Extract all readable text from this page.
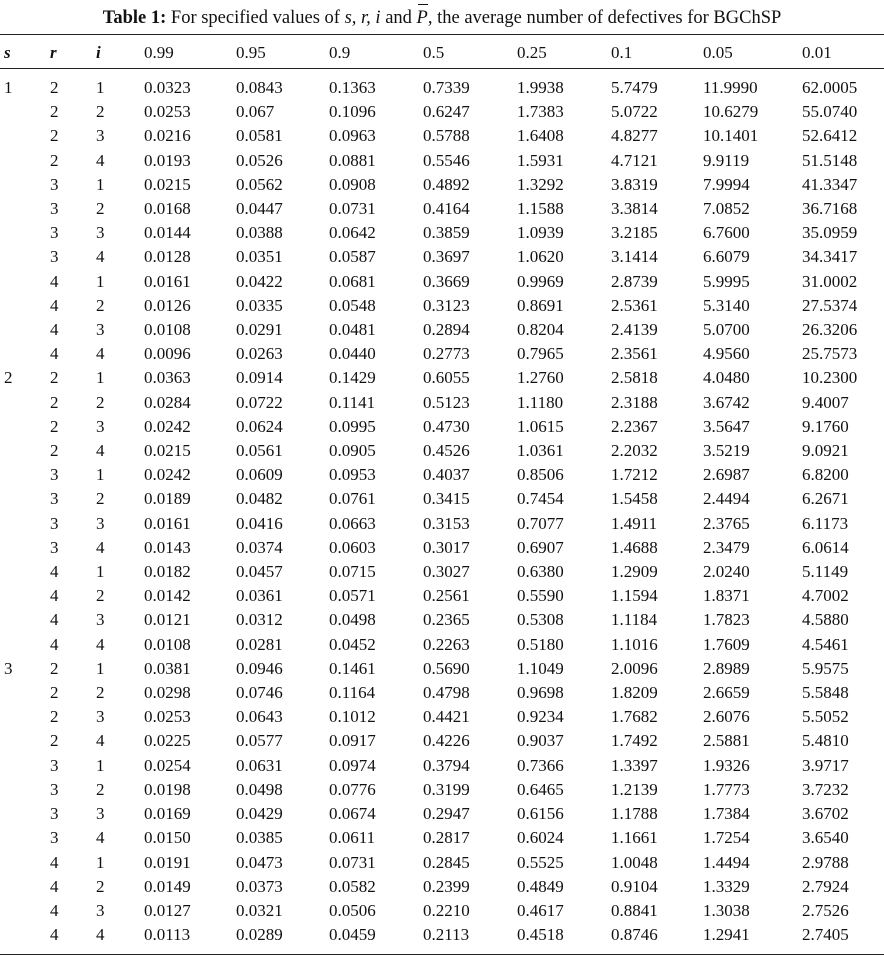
Table 1: For specified values of s, r, i and P, the average number of defectives for BGChSP
	s	r	i	0.99	0.95	0.9	0.5	0.25	0.1	0.05	0.01
	1	2	1	0.0323	0.0843	0.1363	0.7339	1.9938	5.7479	11.9990	62.0005
		2	2	0.0253	0.067	0.1096	0.6247	1.7383	5.0722	10.6279	55.0740
		2	3	0.0216	0.0581	0.0963	0.5788	1.6408	4.8277	10.1401	52.6412
		2	4	0.0193	0.0526	0.0881	0.5546	1.5931	4.7121	9.9119	51.5148
		3	1	0.0215	0.0562	0.0908	0.4892	1.3292	3.8319	7.9994	41.3347
		3	2	0.0168	0.0447	0.0731	0.4164	1.1588	3.3814	7.0852	36.7168
		3	3	0.0144	0.0388	0.0642	0.3859	1.0939	3.2185	6.7600	35.0959
		3	4	0.0128	0.0351	0.0587	0.3697	1.0620	3.1414	6.6079	34.3417
		4	1	0.0161	0.0422	0.0681	0.3669	0.9969	2.8739	5.9995	31.0002
		4	2	0.0126	0.0335	0.0548	0.3123	0.8691	2.5361	5.3140	27.5374
		4	3	0.0108	0.0291	0.0481	0.2894	0.8204	2.4139	5.0700	26.3206
		4	4	0.0096	0.0263	0.0440	0.2773	0.7965	2.3561	4.9560	25.7573
	2	2	1	0.0363	0.0914	0.1429	0.6055	1.2760	2.5818	4.0480	10.2300
		2	2	0.0284	0.0722	0.1141	0.5123	1.1180	2.3188	3.6742	9.4007
		2	3	0.0242	0.0624	0.0995	0.4730	1.0615	2.2367	3.5647	9.1760
		2	4	0.0215	0.0561	0.0905	0.4526	1.0361	2.2032	3.5219	9.0921
		3	1	0.0242	0.0609	0.0953	0.4037	0.8506	1.7212	2.6987	6.8200
		3	2	0.0189	0.0482	0.0761	0.3415	0.7454	1.5458	2.4494	6.2671
		3	3	0.0161	0.0416	0.0663	0.3153	0.7077	1.4911	2.3765	6.1173
		3	4	0.0143	0.0374	0.0603	0.3017	0.6907	1.4688	2.3479	6.0614
		4	1	0.0182	0.0457	0.0715	0.3027	0.6380	1.2909	2.0240	5.1149
		4	2	0.0142	0.0361	0.0571	0.2561	0.5590	1.1594	1.8371	4.7002
		4	3	0.0121	0.0312	0.0498	0.2365	0.5308	1.1184	1.7823	4.5880
		4	4	0.0108	0.0281	0.0452	0.2263	0.5180	1.1016	1.7609	4.5461
	3	2	1	0.0381	0.0946	0.1461	0.5690	1.1049	2.0096	2.8989	5.9575
		2	2	0.0298	0.0746	0.1164	0.4798	0.9698	1.8209	2.6659	5.5848
		2	3	0.0253	0.0643	0.1012	0.4421	0.9234	1.7682	2.6076	5.5052
		2	4	0.0225	0.0577	0.0917	0.4226	0.9037	1.7492	2.5881	5.4810
		3	1	0.0254	0.0631	0.0974	0.3794	0.7366	1.3397	1.9326	3.9717
		3	2	0.0198	0.0498	0.0776	0.3199	0.6465	1.2139	1.7773	3.7232
		3	3	0.0169	0.0429	0.0674	0.2947	0.6156	1.1788	1.7384	3.6702
		3	4	0.0150	0.0385	0.0611	0.2817	0.6024	1.1661	1.7254	3.6540
		4	1	0.0191	0.0473	0.0731	0.2845	0.5525	1.0048	1.4494	2.9788
		4	2	0.0149	0.0373	0.0582	0.2399	0.4849	0.9104	1.3329	2.7924
		4	3	0.0127	0.0321	0.0506	0.2210	0.4617	0.8841	1.3038	2.7526
		4	4	0.0113	0.0289	0.0459	0.2113	0.4518	0.8746	1.2941	2.7405
